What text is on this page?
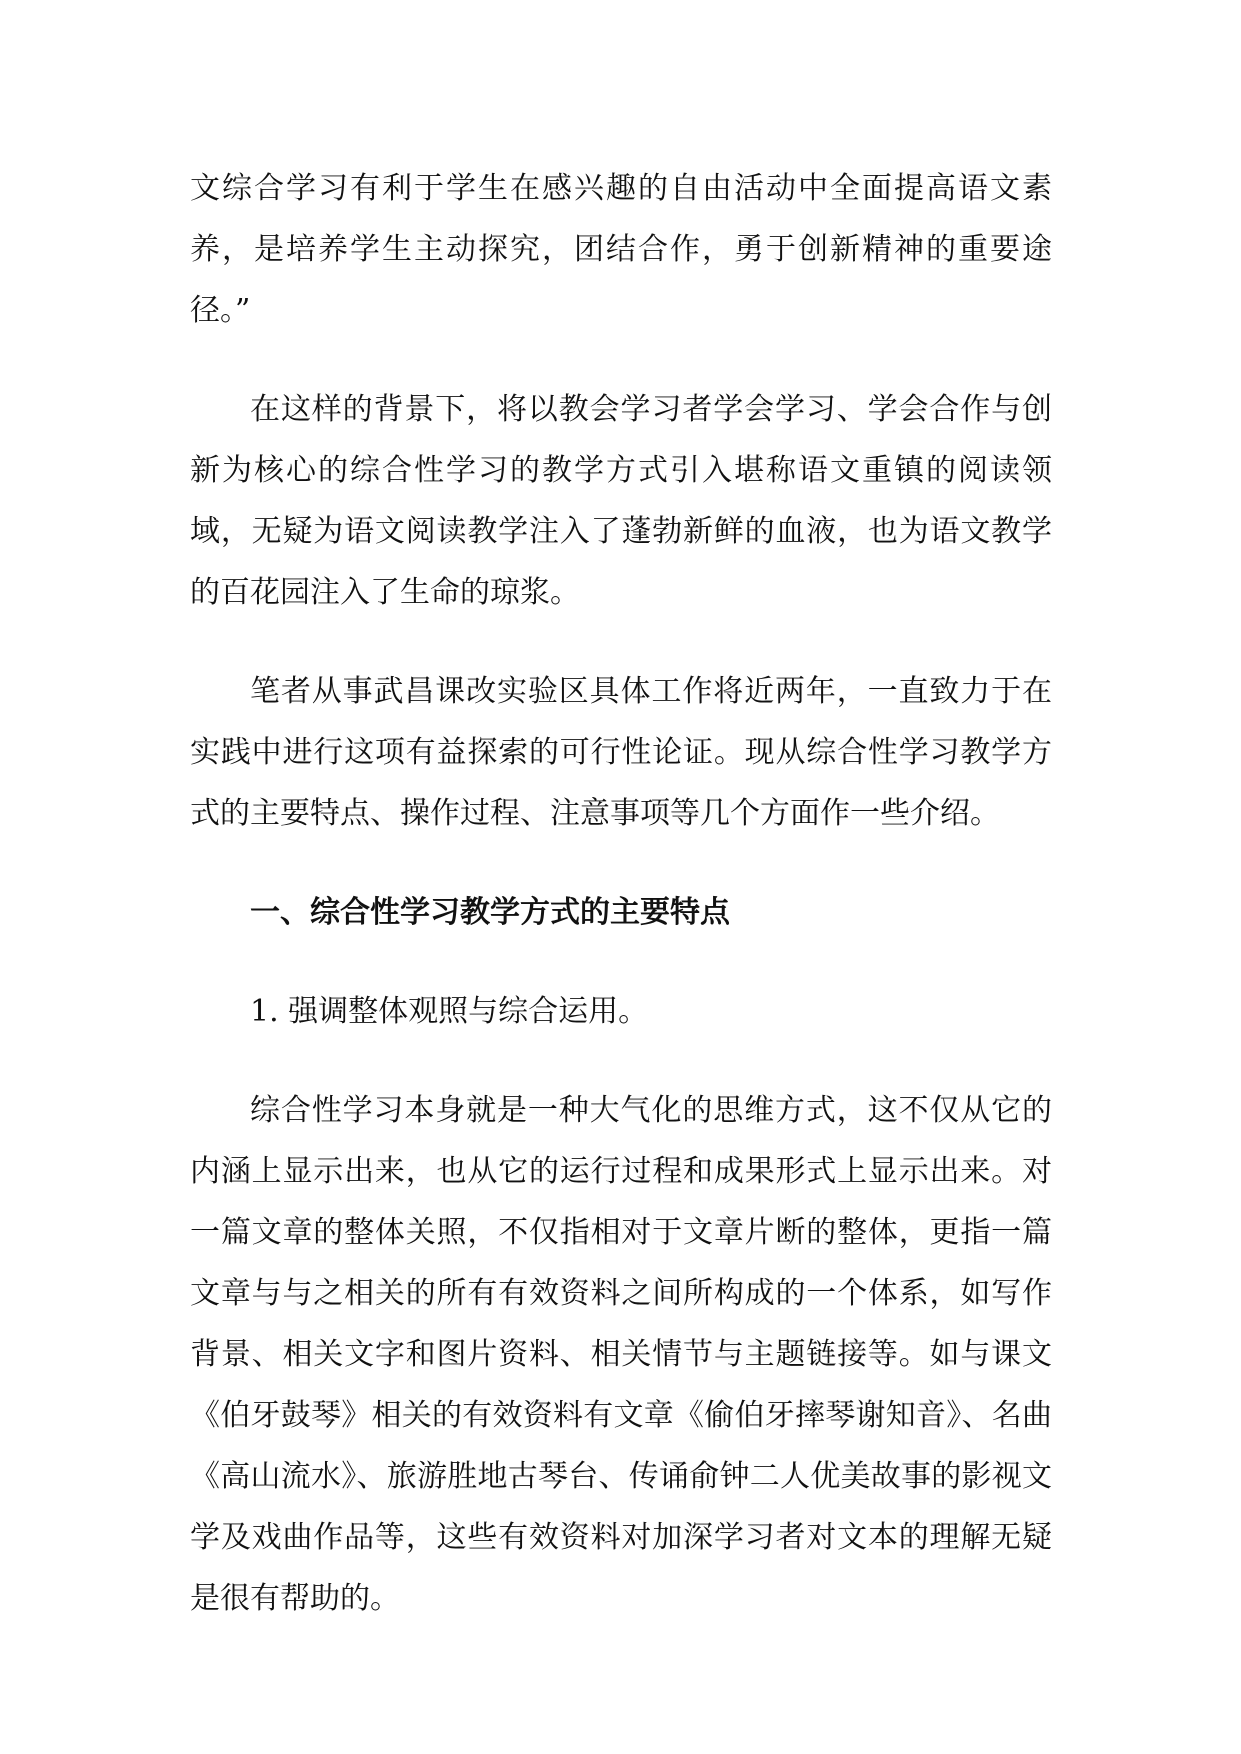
文综合学习有利于学生在感兴趣的自由活动中全面提高语文素养，是培养学生主动探究，团结合作，勇于创新精神的重要途径。”

在这样的背景下，将以教会学习者学会学习、学会合作与创新为核心的综合性学习的教学方式引入堪称语文重镇的阅读领域，无疑为语文阅读教学注入了蓬勃新鲜的血液，也为语文教学的百花园注入了生命的琼浆。

笔者从事武昌课改实验区具体工作将近两年，一直致力于在实践中进行这项有益探索的可行性论证。现从综合性学习教学方式的主要特点、操作过程、注意事项等几个方面作一些介绍。

一、综合性学习教学方式的主要特点

1. 强调整体观照与综合运用。

综合性学习本身就是一种大气化的思维方式，这不仅从它的内涵上显示出来，也从它的运行过程和成果形式上显示出来。对一篇文章的整体关照，不仅指相对于文章片断的整体，更指一篇文章与与之相关的所有有效资料之间所构成的一个体系，如写作背景、相关文字和图片资料、相关情节与主题链接等。如与课文《伯牙鼓琴》相关的有效资料有文章《偷伯牙摔琴谢知音》、名曲《高山流水》、旅游胜地古琴台、传诵俞钟二人优美故事的影视文学及戏曲作品等，这些有效资料对加深学习者对文本的理解无疑是很有帮助的。
